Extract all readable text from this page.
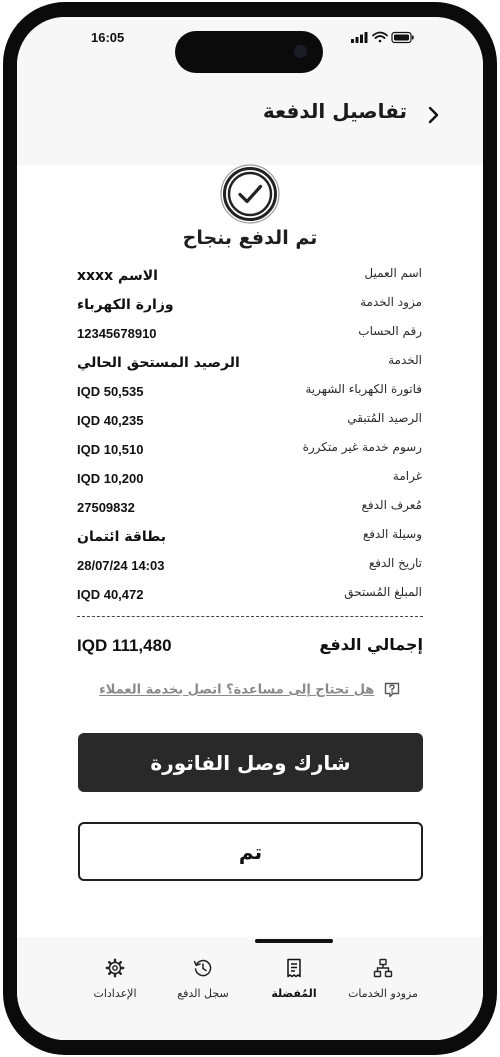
16:05
تفاصيل الدفعة
تم الدفع بنجاح
اسم العميل
الاسم xxxx
مزود الخدمة
وزارة الكهرباء
رقم الحساب
12345678910
الخدمة
الرصيد المستحق الحالي
فاتورة الكهرباء الشهرية
IQD 50,535
الرصيد المُتبقي
IQD 40,235
رسوم خدمة غير متكررة
IQD 10,510
غرامة
IQD 10,200
مُعرف الدفع
27509832
وسيلة الدفع
بطاقة ائتمان
تاريخ الدفع
28/07/24 14:03
المبلغ المُستحق
IQD 40,472
إجمالي الدفع
IQD 111,480
هل تحتاج إلى مساعدة؟ اتصل بخدمة العملاء
شارك وصل الفاتورة
تم
مزودو الخدمات
المُفضلة
سجل الدفع
الإعدادات
